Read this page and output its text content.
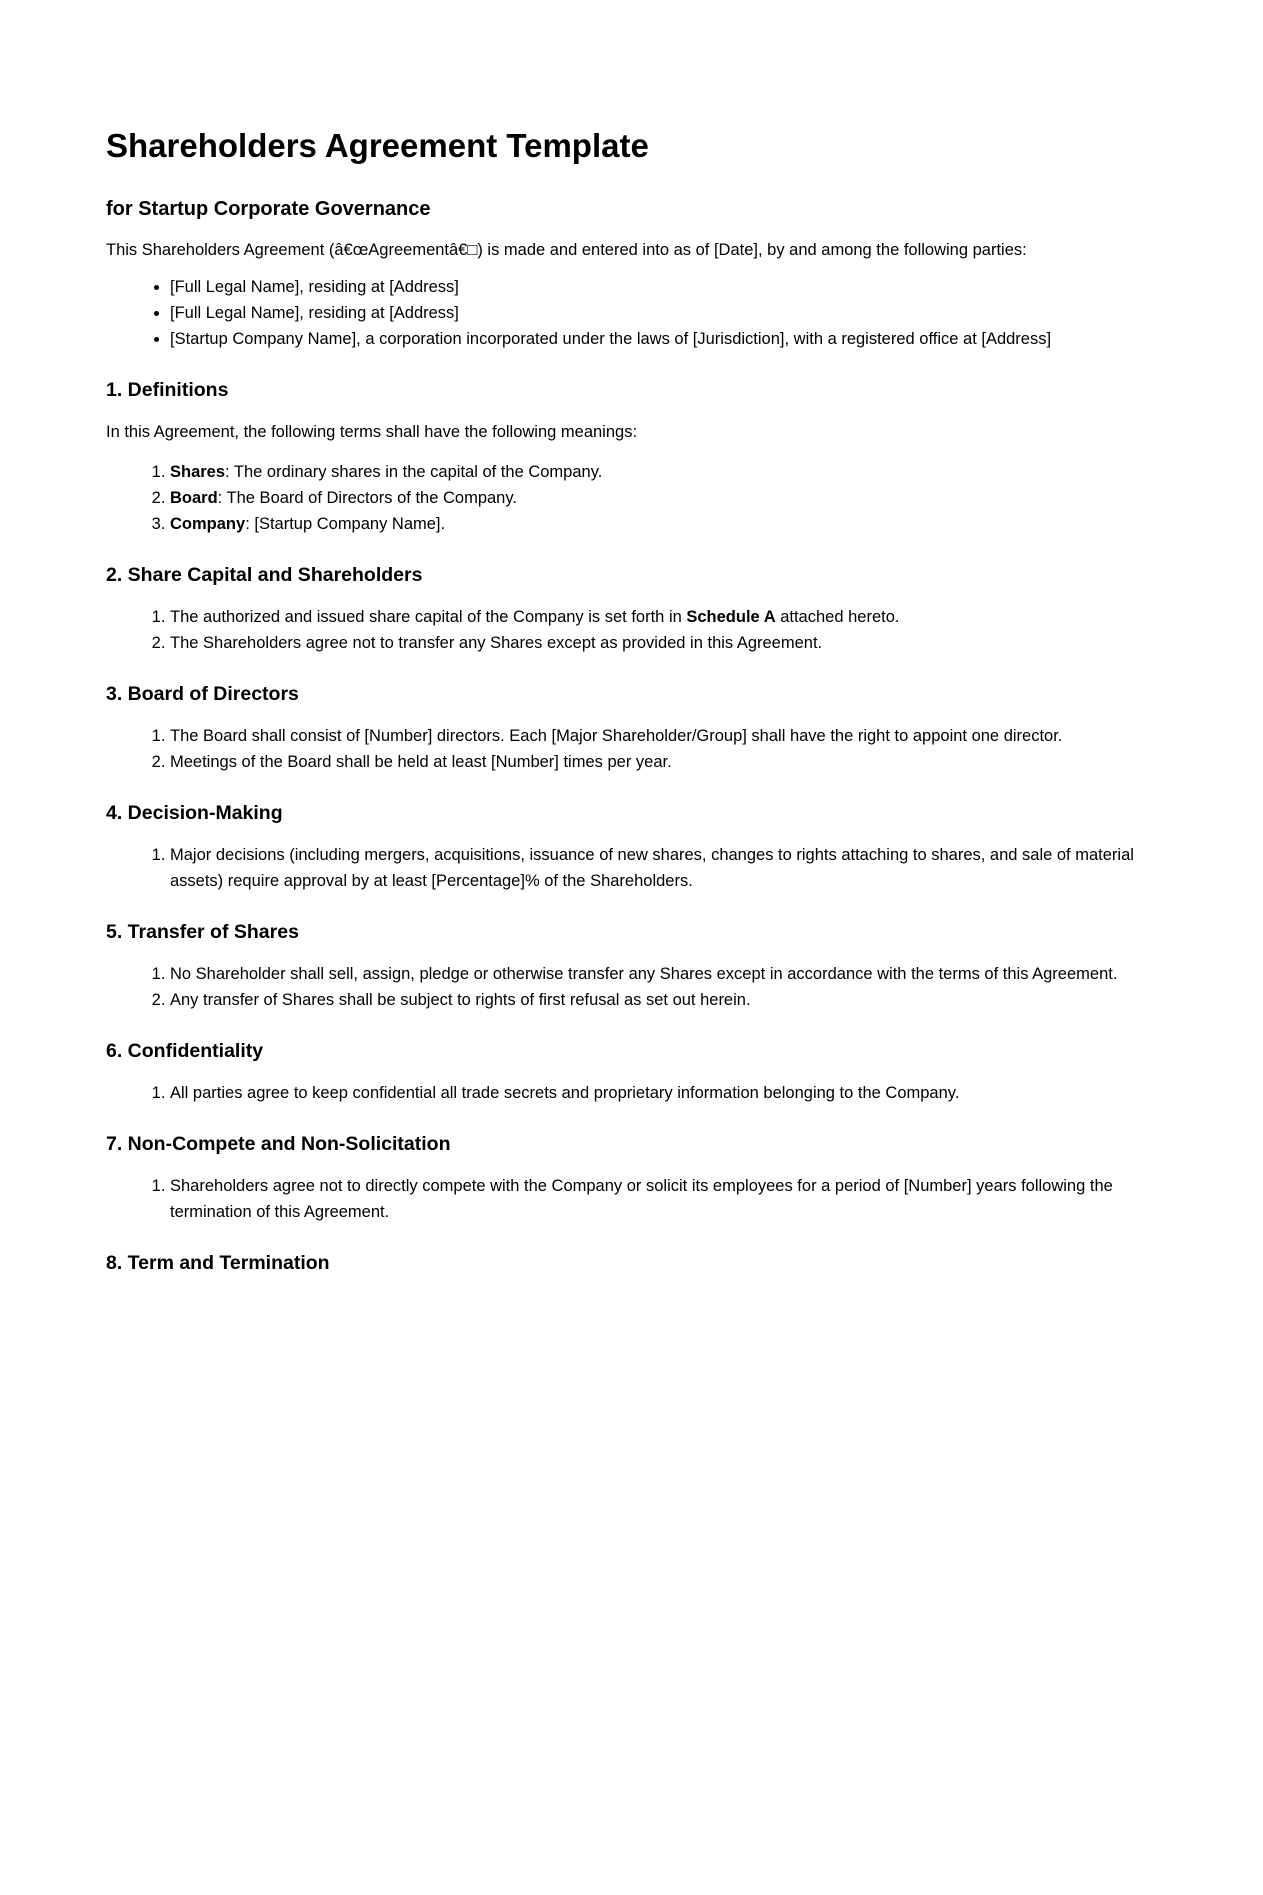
Shareholders Agreement Template
for Startup Corporate Governance

This Shareholders Agreement (â€œAgreementâ€□) is made and entered into as of [Date], by and among the following parties:

• [Full Legal Name], residing at [Address]
• [Full Legal Name], residing at [Address]
• [Startup Company Name], a corporation incorporated under the laws of [Jurisdiction], with a registered office at [Address]
1. Definitions

In this Agreement, the following terms shall have the following meanings:

1. Shares: The ordinary shares in the capital of the Company.
2. Board: The Board of Directors of the Company.
3. Company: [Startup Company Name].
2. Share Capital and Shareholders
1. The authorized and issued share capital of the Company is set forth in Schedule A attached hereto.
2. The Shareholders agree not to transfer any Shares except as provided in this Agreement.
3. Board of Directors
1. The Board shall consist of [Number] directors. Each [Major Shareholder/Group] shall have the right to appoint one director.
2. Meetings of the Board shall be held at least [Number] times per year.
4. Decision-Making
1. Major decisions (including mergers, acquisitions, issuance of new shares, changes to rights attaching to shares, and sale of material assets) require approval by at least [Percentage]% of the Shareholders.
5. Transfer of Shares
1. No Shareholder shall sell, assign, pledge or otherwise transfer any Shares except in accordance with the terms of this Agreement.
2. Any transfer of Shares shall be subject to rights of first refusal as set out herein.
6. Confidentiality
1. All parties agree to keep confidential all trade secrets and proprietary information belonging to the Company.
7. Non-Compete and Non-Solicitation
1. Shareholders agree not to directly compete with the Company or solicit its employees for a period of [Number] years following the termination of this Agreement.
8. Term and Termination
